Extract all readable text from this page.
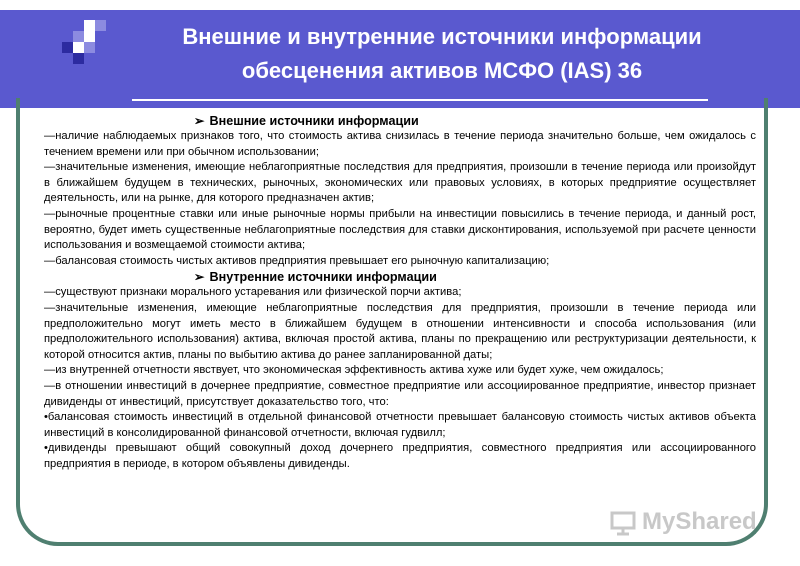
Внешние и внутренние источники информации
обесценения активов МСФО (IAS) 36

➢ Внешние источники информации

—наличие наблюдаемых признаков того, что стоимость актива снизилась в течение периода значительно больше, чем ожидалось с течением времени или при обычном использовании;

—значительные изменения, имеющие неблагоприятные последствия для предприятия, произошли в течение периода или произойдут в ближайшем будущем в технических, рыночных, экономических или правовых условиях, в которых предприятие осуществляет деятельность, или на рынке, для которого предназначен актив;

—рыночные процентные ставки или иные рыночные нормы прибыли на инвестиции повысились в течение периода, и данный рост, вероятно, будет иметь существенные неблагоприятные последствия для ставки дисконтирования, используемой при расчете ценности использования и возмещаемой стоимости актива;

—балансовая стоимость чистых активов предприятия превышает его рыночную капитализацию;

➢ Внутренние источники информации

—существуют признаки морального устаревания или физической порчи актива;

—значительные изменения, имеющие неблагоприятные последствия для предприятия, произошли в течение периода или предположительно могут иметь место в ближайшем будущем в отношении интенсивности и способа использования (или предположительного использования) актива, включая простой актива, планы по прекращению или реструктуризации деятельности, к которой относится актив, планы по выбытию актива до ранее запланированной даты;

—из внутренней отчетности явствует, что экономическая эффективность актива хуже или будет хуже, чем ожидалось;

—в отношении инвестиций в дочернее предприятие, совместное предприятие или ассоциированное предприятие, инвестор признает дивиденды от инвестиций, присутствует доказательство того, что:

•балансовая стоимость инвестиций в отдельной финансовой отчетности превышает балансовую стоимость чистых активов объекта инвестиций в консолидированной финансовой отчетности, включая гудвилл;

•дивиденды превышают общий совокупный доход дочернего предприятия, совместного предприятия или ассоциированного предприятия в периоде, в котором объявлены дивиденды.

MyShared
